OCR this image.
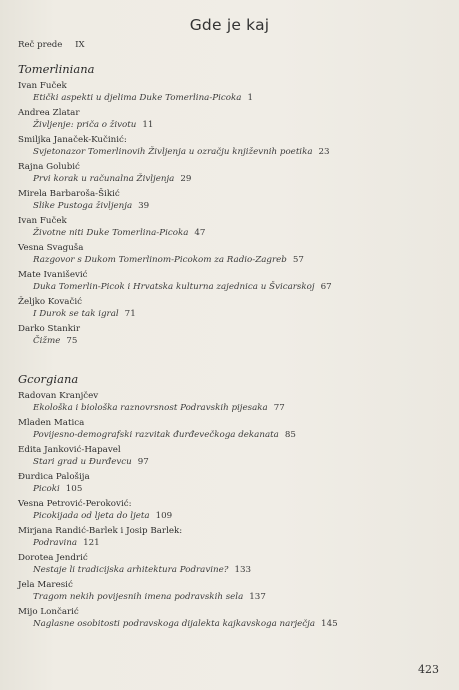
Gde je kaj
Reč prede IX
Tomerliniana
Ivan Fuček
Etički aspekti u djelima Duke Tomerlina-Picoka 1
Andrea Zlatar
Življenje: priča o životu 11
Smiljka Janaček-Kučinić:
Svjetonazor Tomerlinovih Življenja u ozračju književnih poetika 23
Rajna Golubić
Prvi korak u računalna Življenja 29
Mirela Barbaroša-Šikić
Slike Pustoga življenja 39
Ivan Fuček
Životne niti Duke Tomerlina-Picoka 47
Vesna Svaguša
Razgovor s Dukom Tomerlinom-Picokom za Radio-Zagreb 57
Mate Ivanišević
Duka Tomerlin-Picok i Hrvatska kulturna zajednica u Švicarskoj 67
Željko Kovačić
I Durok se tak igral 71
Darko Stankir
Čižme 75
Gcorgiana
Radovan Kranjčev
Ekološka i biološka raznovrsnost Podravskih pijesaka 77
Mladen Matica
Povijesno-demografski razvitak đurđevečkoga dekanata 85
Edita Janković-Hapavel
Stari grad u Đurđevcu 97
Đurdica Palošija
Picoki 105
Vesna Petrović-Peroković:
Picokijada od ljeta do ljeta 109
Mirjana Randić-Barlek i Josip Barlek:
Podravina 121
Dorotea Jendrić
Nestaje li tradicijska arhitektura Podravine? 133
Jela Maresić
Tragom nekih povijesnih imena podravskih sela 137
Mijo Lončarić
Naglasne osobitosti podravskoga dijalekta kajkavskoga narječja 145
423
